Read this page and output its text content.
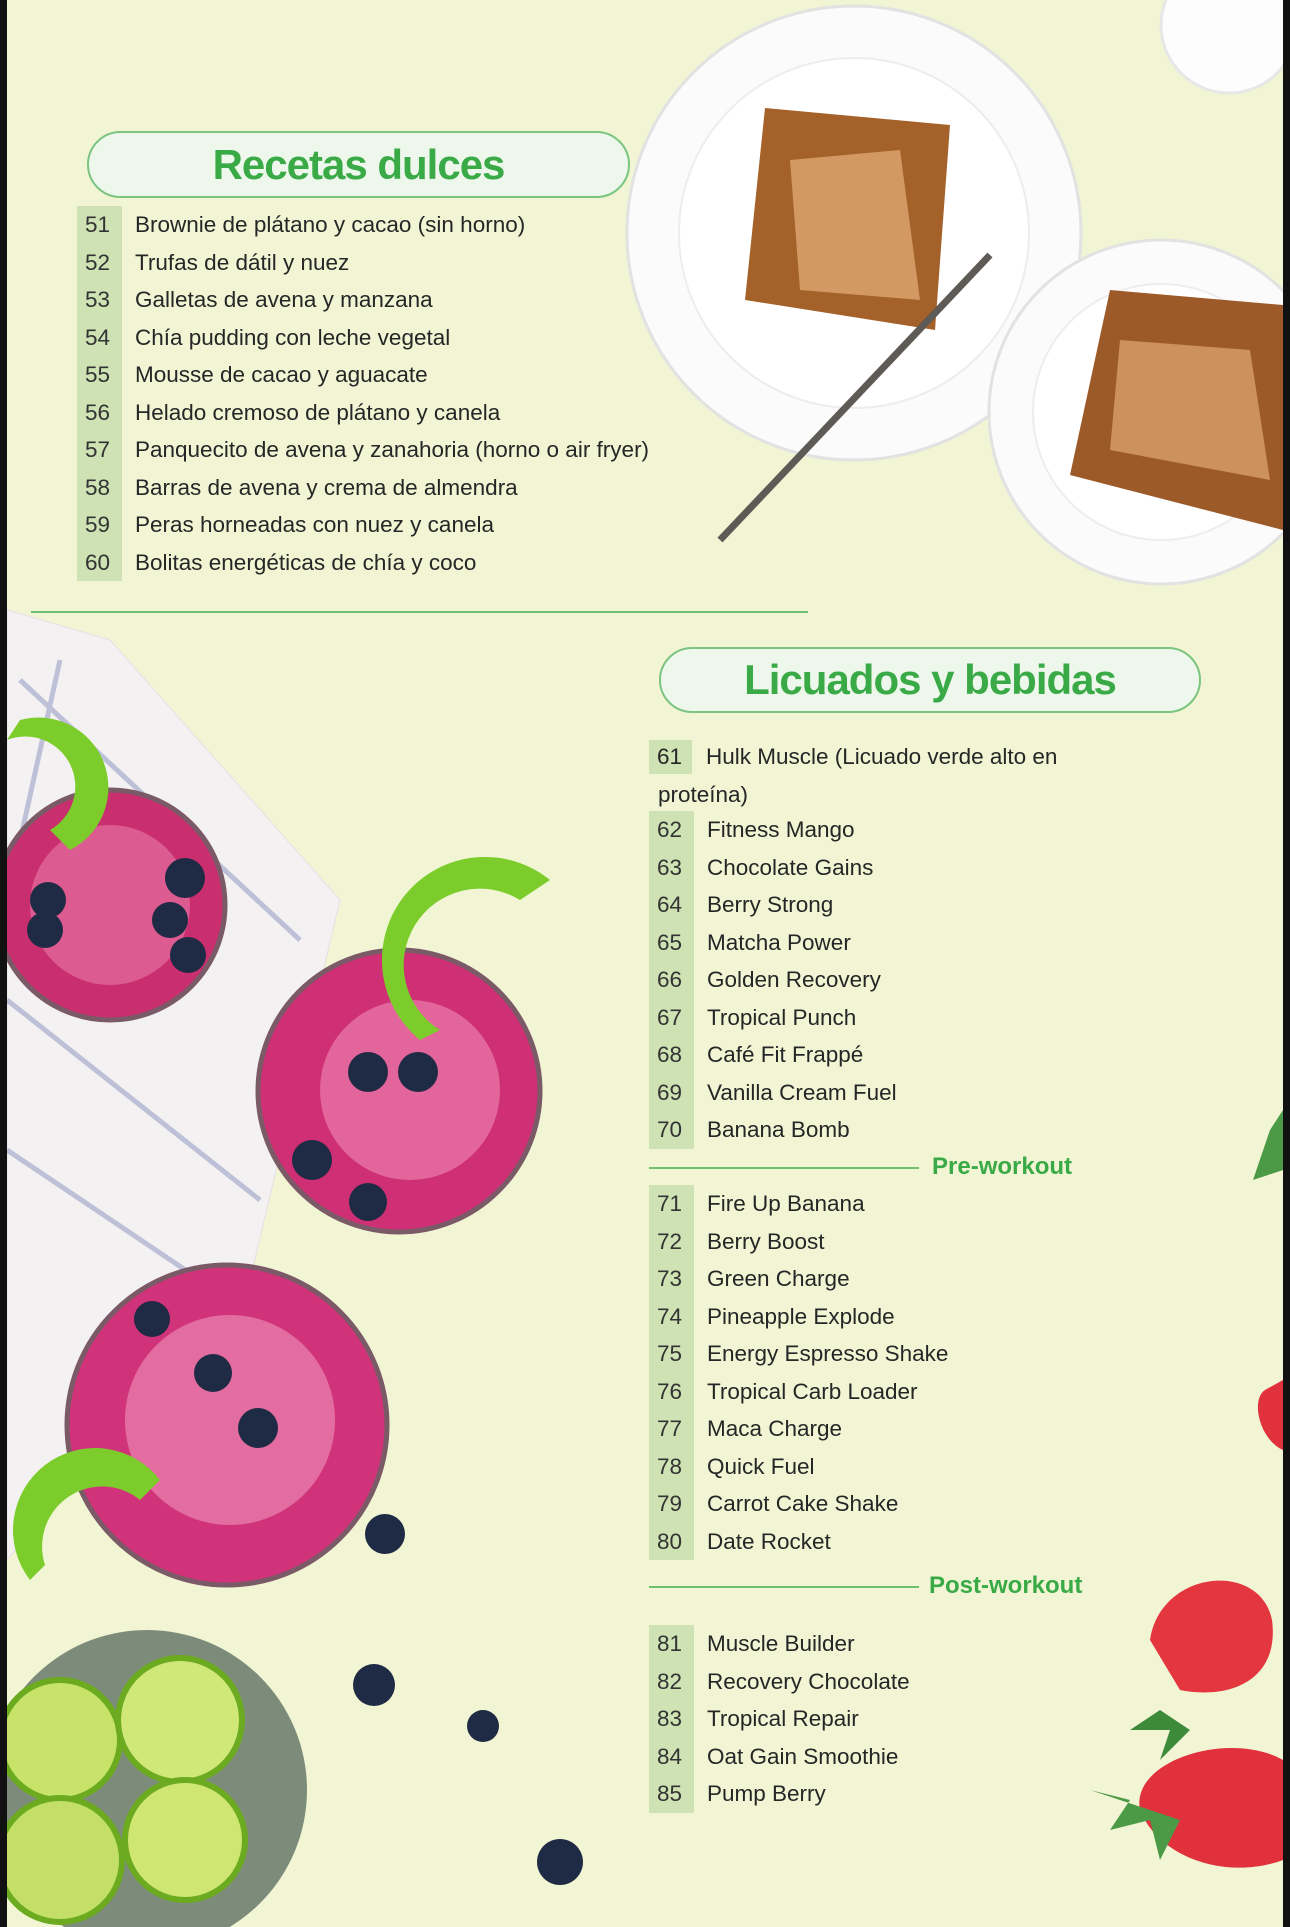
Recetas dulces
51 Brownie de plátano y cacao (sin horno)
52 Trufas de dátil y nuez
53 Galletas de avena y manzana
54 Chía pudding con leche vegetal
55 Mousse de cacao y aguacate
56 Helado cremoso de plátano y canela
57 Panquecito de avena y zanahoria (horno o air fryer)
58 Barras de avena y crema de almendra
59 Peras horneadas con nuez y canela
60 Bolitas energéticas de chía y coco
Licuados y bebidas
61 Hulk Muscle (Licuado verde alto en proteína)
62 Fitness Mango
63 Chocolate Gains
64 Berry Strong
65 Matcha Power
66 Golden Recovery
67 Tropical Punch
68 Café Fit Frappé
69 Vanilla Cream Fuel
70 Banana Bomb
Pre-workout
71 Fire Up Banana
72 Berry Boost
73 Green Charge
74 Pineapple Explode
75 Energy Espresso Shake
76 Tropical Carb Loader
77 Maca Charge
78 Quick Fuel
79 Carrot Cake Shake
80 Date Rocket
Post-workout
81 Muscle Builder
82 Recovery Chocolate
83 Tropical Repair
84 Oat Gain Smoothie
85 Pump Berry
